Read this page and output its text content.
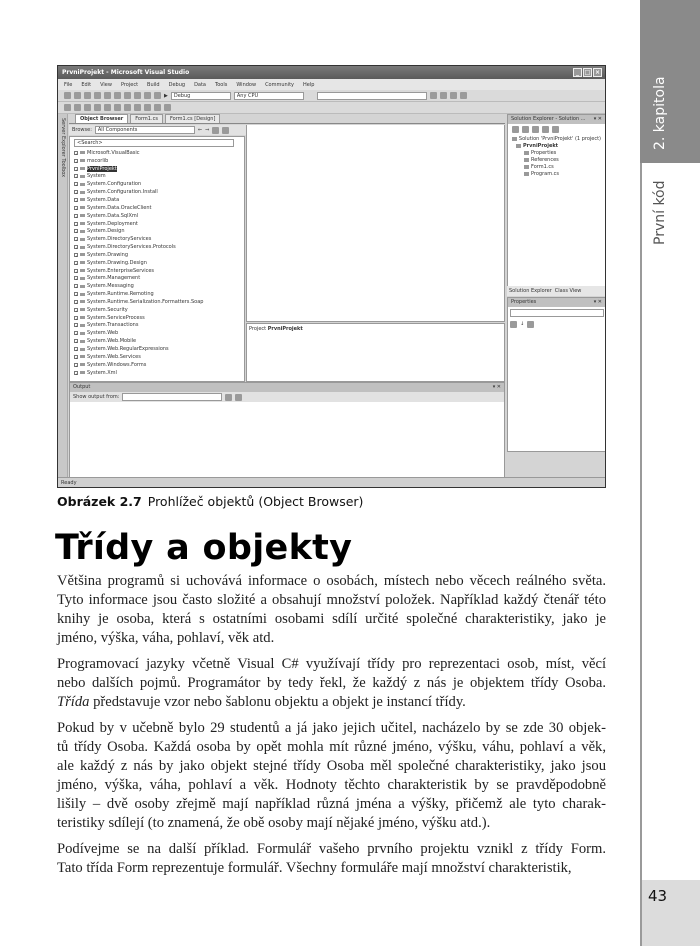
2. kapitola
První kód
43
PrvniProjekt - Microsoft Visual Studio	_ □ ×
File Edit View Project Build Debug Data Tools Window Community Help
▶	Debug	Any CPU
Server Explorer Toolbox	Object Browser	Form1.cs	Form1.cs [Design]
Browse:	All Components	⇐ ⇒
<Search>
+ Microsoft.VisualBasic
+ mscorlib
+ PrvniProjekt
+ System
+ System.Configuration
+ System.Configuration.Install
+ System.Data
+ System.Data.OracleClient
+ System.Data.SqlXml
+ System.Deployment
+ System.Design
+ System.DirectoryServices
+ System.DirectoryServices.Protocols
+ System.Drawing
+ System.Drawing.Design
+ System.EnterpriseServices
+ System.Management
+ System.Messaging
+ System.Runtime.Remoting
+ System.Runtime.Serialization.Formatters.Soap
+ System.Security
+ System.ServiceProcess
+ System.Transactions
+ System.Web
+ System.Web.Mobile
+ System.Web.RegularExpressions
+ System.Web.Services
+ System.Windows.Forms
+ System.Xml
Project PrvniProjekt
Solution Explorer - Solution ... ▾ ✕
Solution 'PrvniProjekt' (1 project)
PrvniProjekt
Properties
References
Form1.cs
Program.cs
Solution Explorer Class View
Properties	▾ ✕
↓
Output	▾ ✕
Show output from:
Ready
Obrázek 2.7 Prohlížeč objektů (Object Browser)
Třídy a objekty
Většina programů si uchovává informace o osobách, místech nebo věcech reálného světa.
Tyto informace jsou často složité a obsahují množství položek. Například každý čtenář této
knihy je osoba, která s ostatními osobami sdílí určité společné charakteristiky, jako je
jméno, výška, váha, pohlaví, věk atd.
Programovací jazyky včetně Visual C# využívají třídy pro reprezentaci osob, míst, věcí
nebo dalších pojmů. Programátor by tedy řekl, že každý z nás je objektem třídy Osoba.
Třída představuje vzor nebo šablonu objektu a objekt je instancí třídy.
Pokud by v učebně bylo 29 studentů a já jako jejich učitel, nacházelo by se zde 30 objek-
tů třídy Osoba. Každá osoba by opět mohla mít různé jméno, výšku, váhu, pohlaví a věk,
ale každý z nás by jako objekt stejné třídy Osoba měl společné charakteristiky, jako jsou
jméno, výška, váha, pohlaví a věk. Hodnoty těchto charakteristik by se pravděpodobně
lišily – dvě osoby zřejmě mají například různá jména a výšky, přičemž ale tyto charak-
teristiky sdílejí (to znamená, že obě osoby mají nějaké jméno, výšku atd.).
Podívejme se na další příklad. Formulář vašeho prvního projektu vznikl z třídy Form.
Tato třída Form reprezentuje formulář. Všechny formuláře mají množství charakteristik,
